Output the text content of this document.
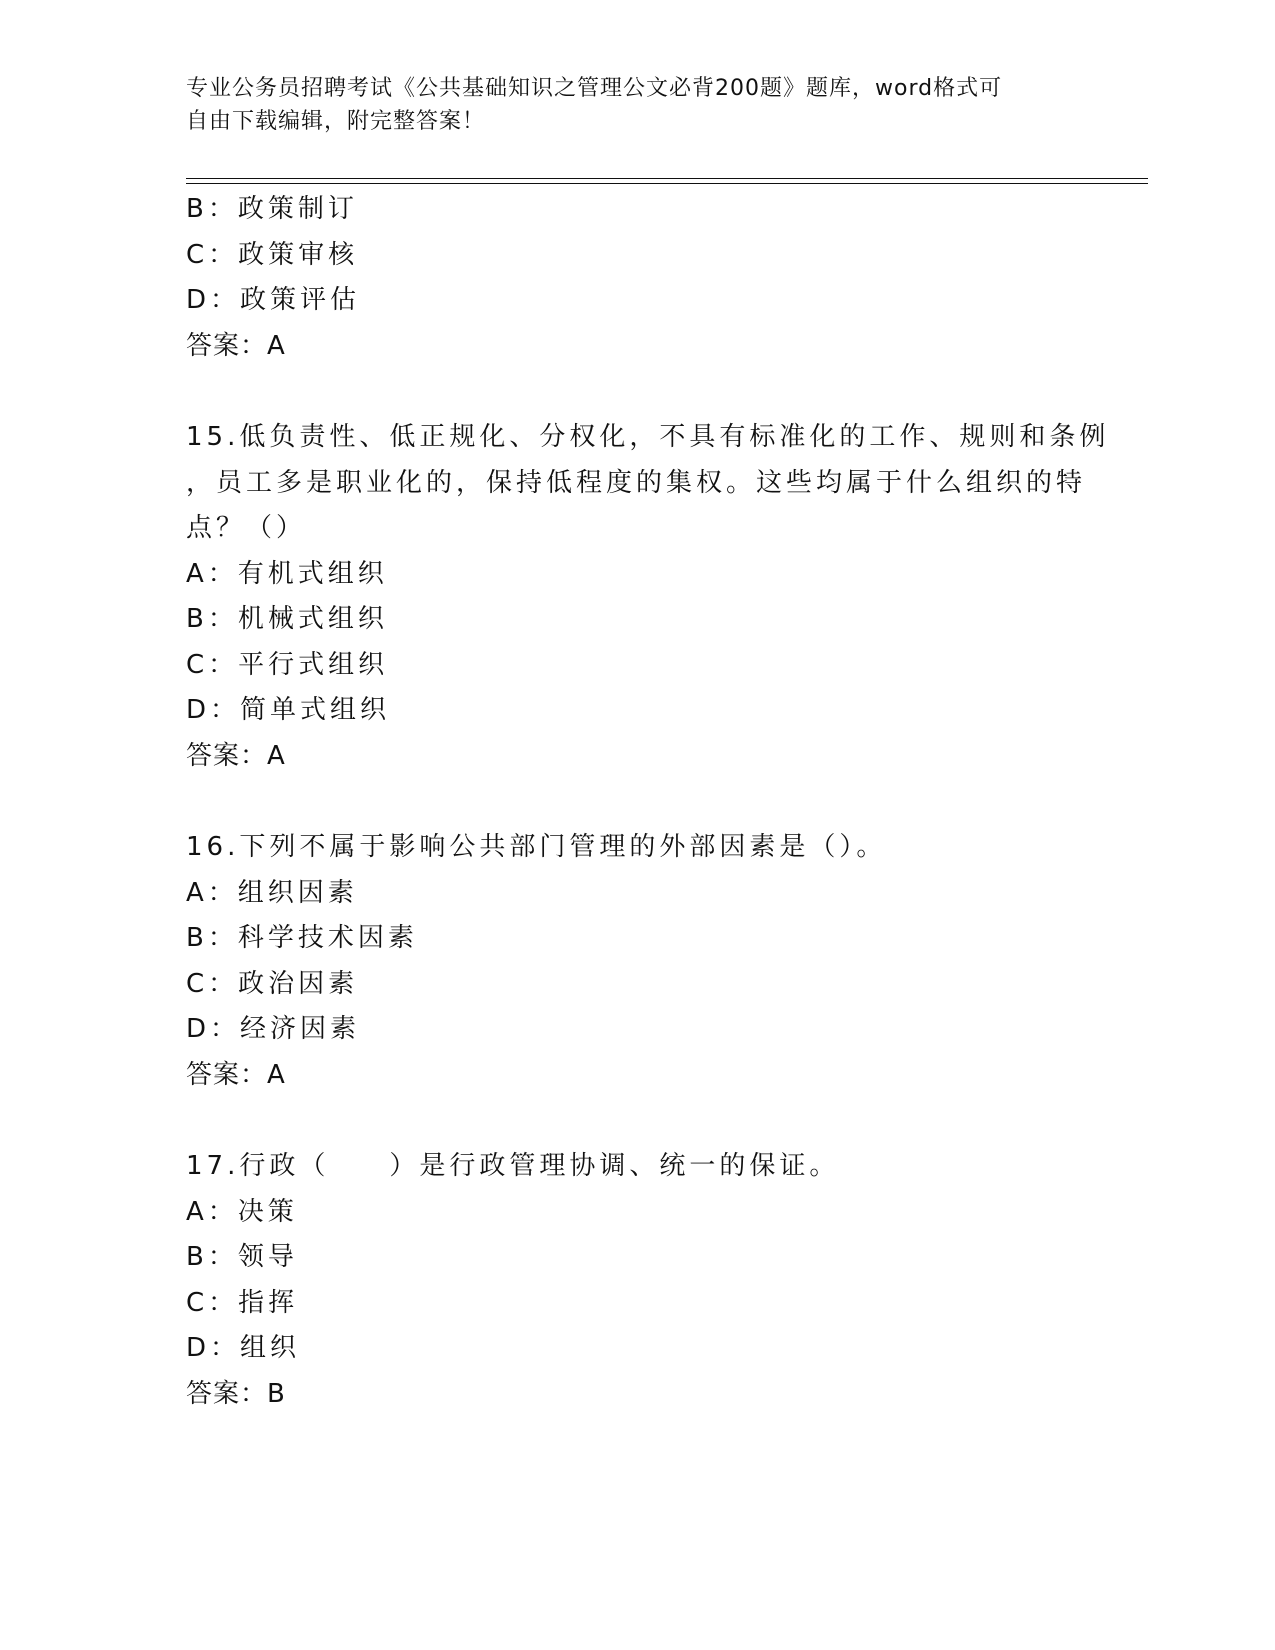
专业公务员招聘考试《公共基础知识之管理公文必背200题》题库，word格式可
自由下载编辑，附完整答案！
B：政策制订
C：政策审核
D：政策评估
答案：A
15.低负责性、低正规化、分权化，不具有标准化的工作、规则和条例
，员工多是职业化的，保持低程度的集权。这些均属于什么组织的特
点？（）
A：有机式组织
B：机械式组织
C：平行式组织
D：简单式组织
答案：A
16.下列不属于影响公共部门管理的外部因素是（）。
A：组织因素
B：科学技术因素
C：政治因素
D：经济因素
答案：A
17.行政（　　）是行政管理协调、统一的保证。
A：决策
B：领导
C：指挥
D：组织
答案：B
